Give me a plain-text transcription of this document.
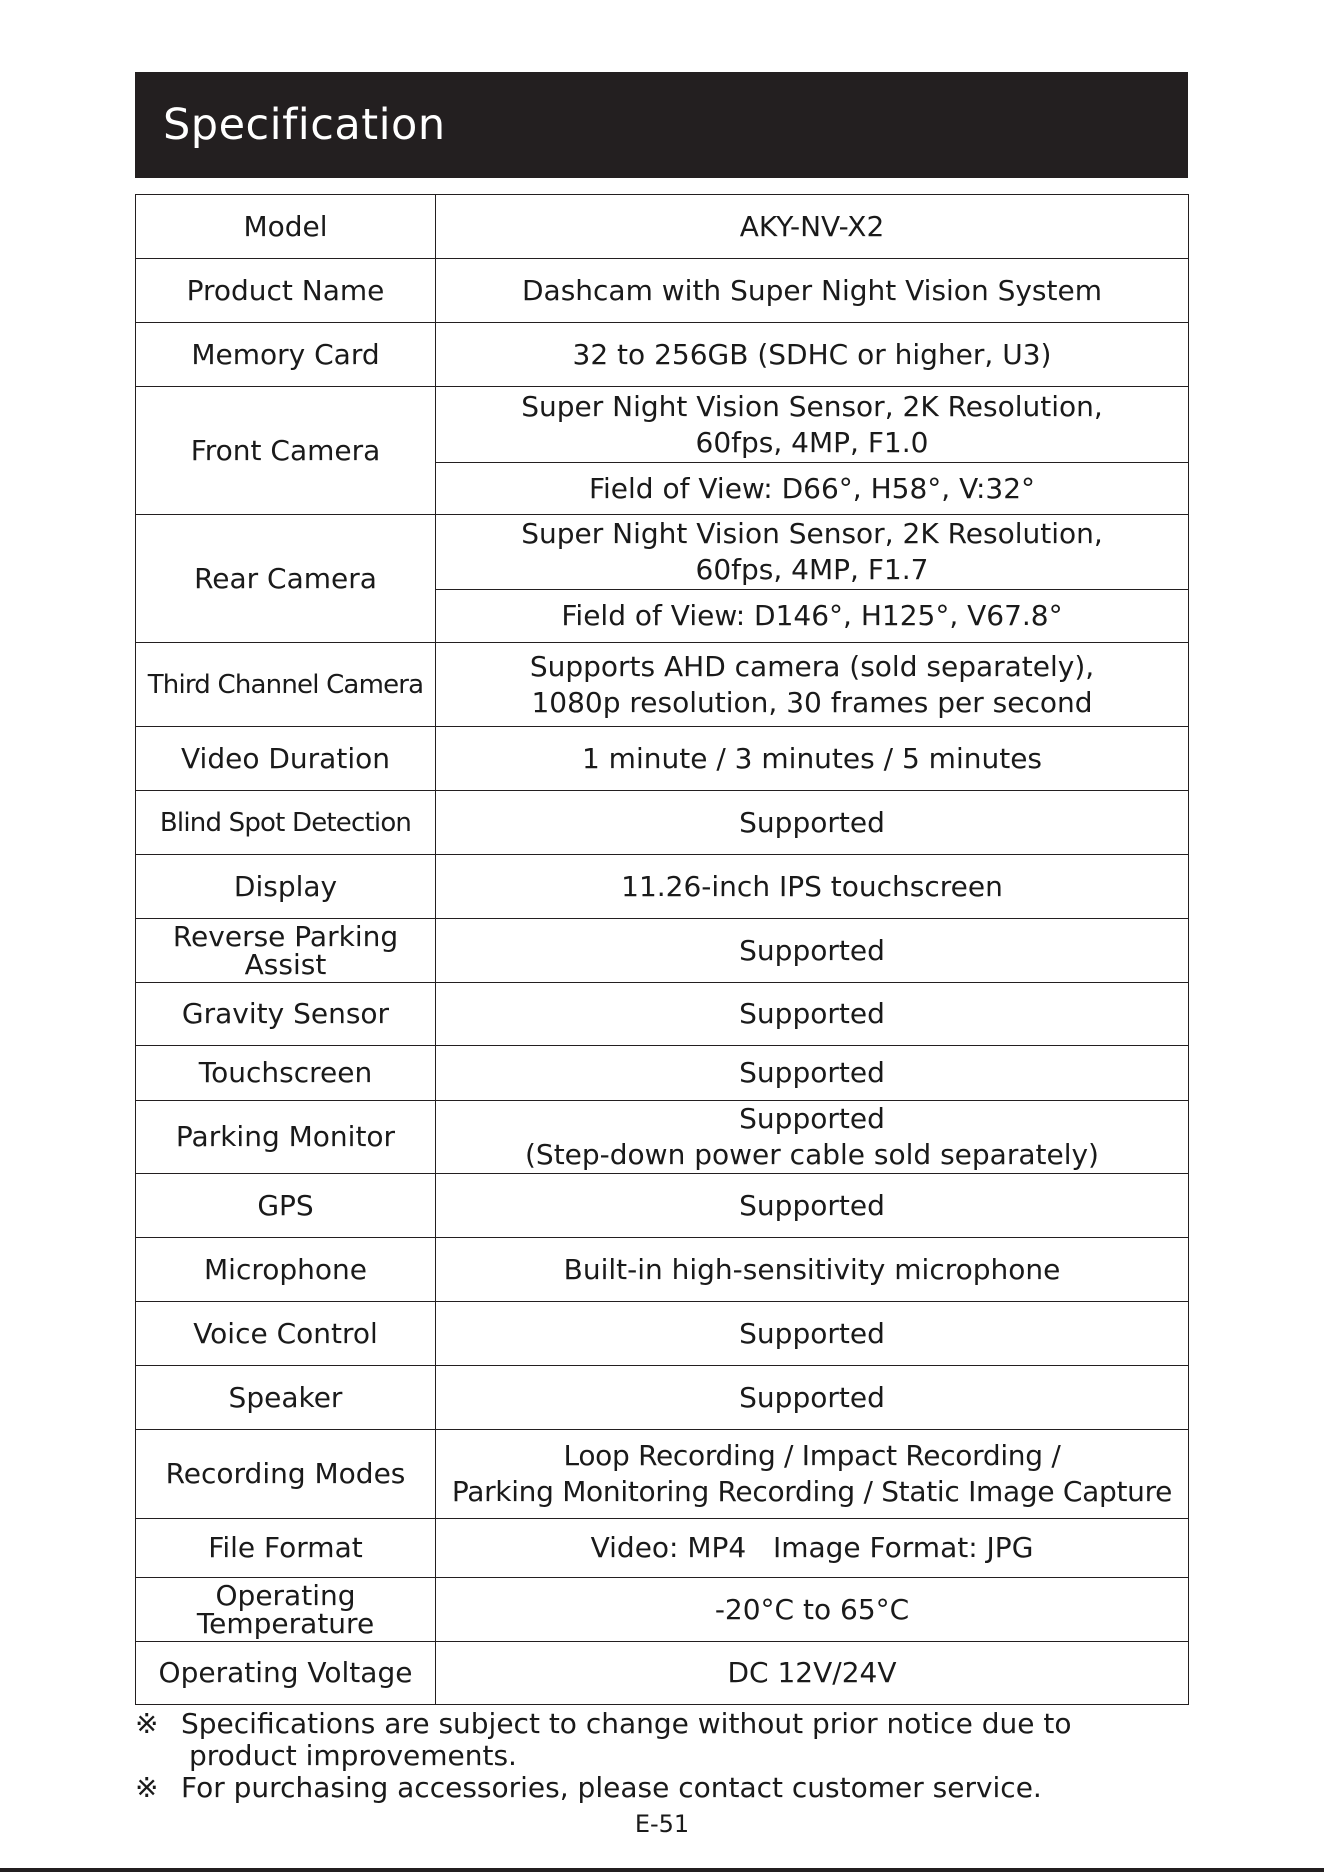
Specification
Model	AKY-NV-X2
Product Name	Dashcam with Super Night Vision System
Memory Card	32 to 256GB (SDHC or higher, U3)
Front Camera	Super Night Vision Sensor, 2K Resolution,
60fps, 4MP, F1.0

	Field of View: D66°, H58°, V:32°
Rear Camera	Super Night Vision Sensor, 2K Resolution,
60fps, 4MP, F1.7

	Field of View: D146°, H125°, V67.8°
Third Channel Camera	Supports AHD camera (sold separately),
1080p resolution, 30 frames per second

Video Duration	1 minute / 3 minutes / 5 minutes
Blind Spot Detection	Supported
Display	11.26-inch IPS touchscreen

Reverse Parking
Assist	Supported
Gravity Sensor	Supported
Touchscreen	Supported
Parking Monitor	Supported
(Step-down power cable sold separately)

GPS	Supported
Microphone	Built-in high-sensitivity microphone
Voice Control	Supported
Speaker	Supported
Recording Modes	Loop Recording / Impact Recording /
Parking Monitoring Recording / Static Image Capture

File Format	Video: MP4   Image Format: JPG

Operating
Temperature	-20°C to 65°C
Operating Voltage	DC 12V/24V
※ Specifications are subject to change without prior notice due to
product improvements.
※ For purchasing accessories, please contact customer service.
E-51
